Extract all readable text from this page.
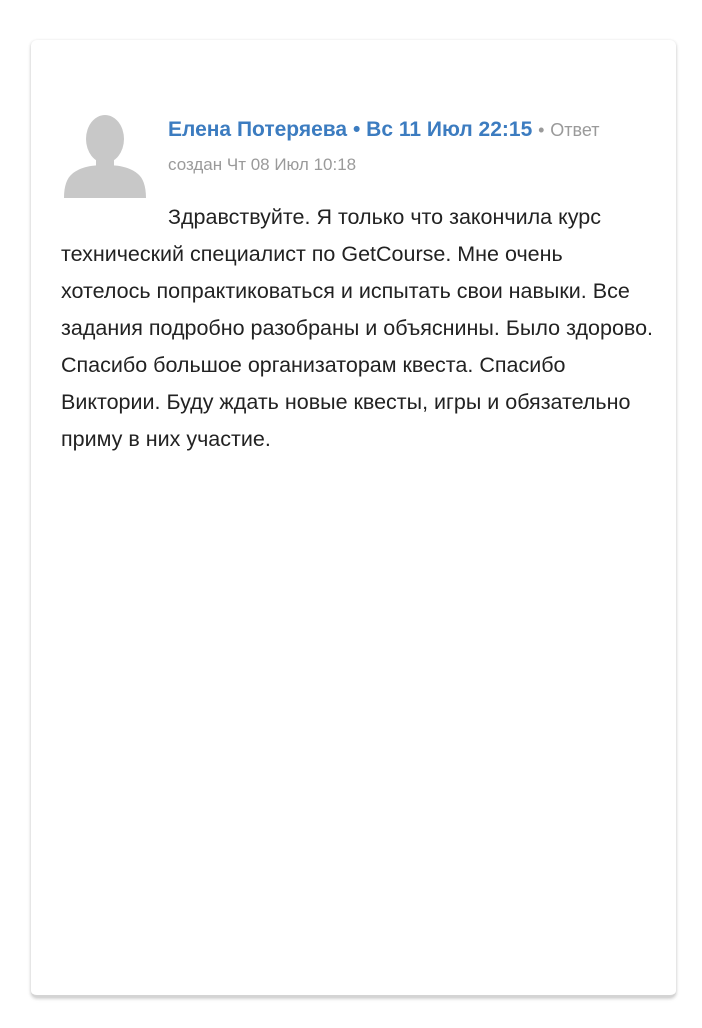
Елена Потеряева • Вс 11 Июл 22:15 • Ответ
создан Чт 08 Июл 10:18

Здравствуйте. Я только что закончила курс технический специалист по GetCourse. Мне очень хотелось попрактиковаться и испытать свои навыки. Все задания подробно разобраны и объяснины. Было здорово. Спасибо большое организаторам квеста. Спасибо Виктории. Буду ждать новые квесты, игры и обязательно приму в них участие.
